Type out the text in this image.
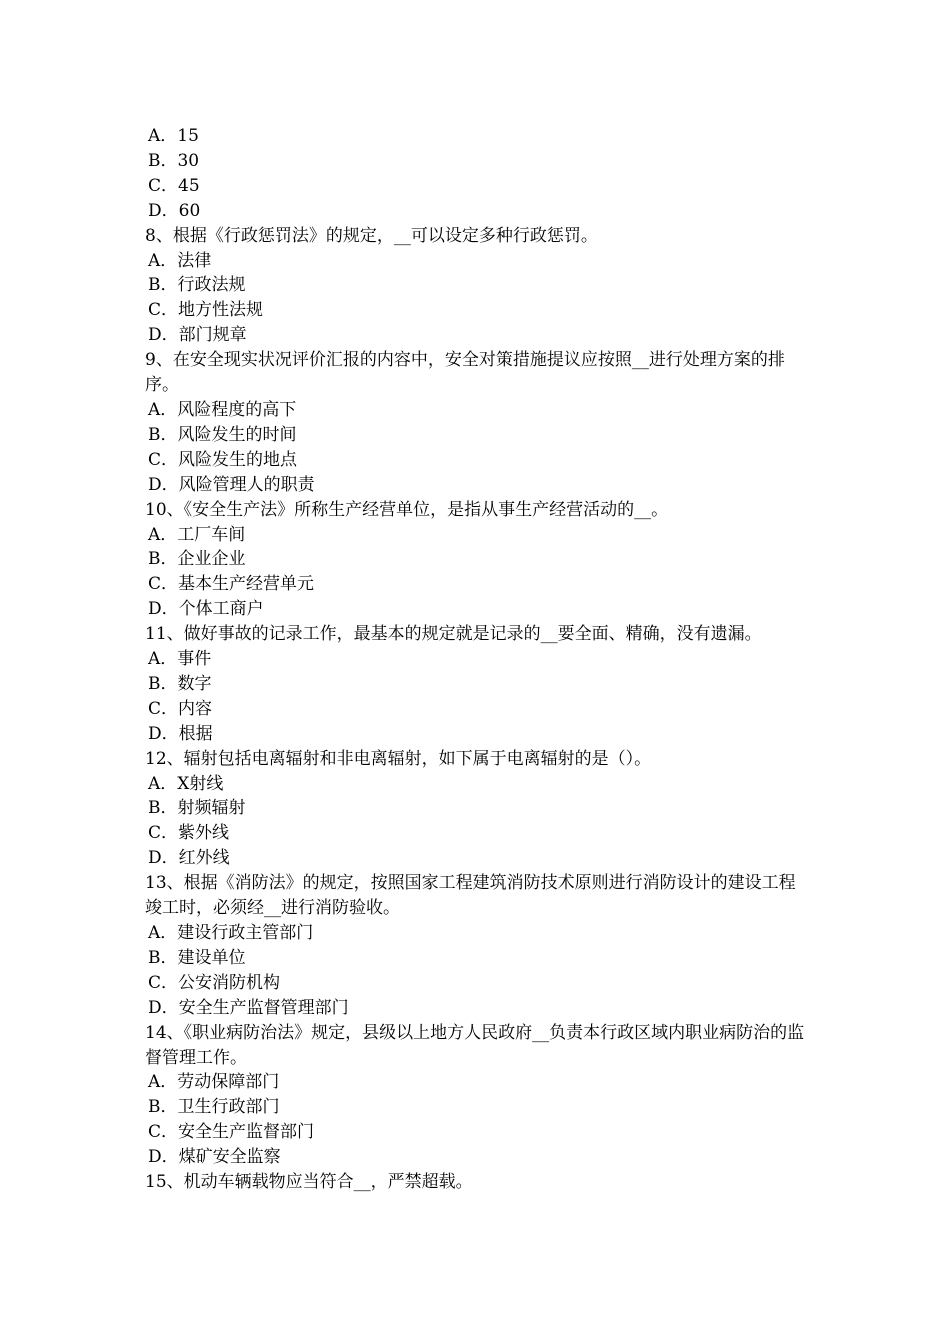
A．15
B．30
C．45
D．60
8、根据《行政惩罚法》的规定，__可以设定多种行政惩罚。
A．法律
B．行政法规
C．地方性法规
D．部门规章
9、在安全现实状况评价汇报的内容中，安全对策措施提议应按照__进行处理方案的排序。
A．风险程度的高下
B．风险发生的时间
C．风险发生的地点
D．风险管理人的职责
10、《安全生产法》所称生产经营单位，是指从事生产经营活动的__。
A．工厂车间
B．企业企业
C．基本生产经营单元
D．个体工商户
11、做好事故的记录工作，最基本的规定就是记录的__要全面、精确，没有遗漏。
A．事件
B．数字
C．内容
D．根据
12、辐射包括电离辐射和非电离辐射，如下属于电离辐射的是（）。
A．X射线
B．射频辐射
C．紫外线
D．红外线
13、根据《消防法》的规定，按照国家工程建筑消防技术原则进行消防设计的建设工程竣工时，必须经__进行消防验收。
A．建设行政主管部门
B．建设单位
C．公安消防机构
D．安全生产监督管理部门
14、《职业病防治法》规定，县级以上地方人民政府__负责本行政区域内职业病防治的监督管理工作。
A．劳动保障部门
B．卫生行政部门
C．安全生产监督部门
D．煤矿安全监察
15、机动车辆载物应当符合__，严禁超载。
